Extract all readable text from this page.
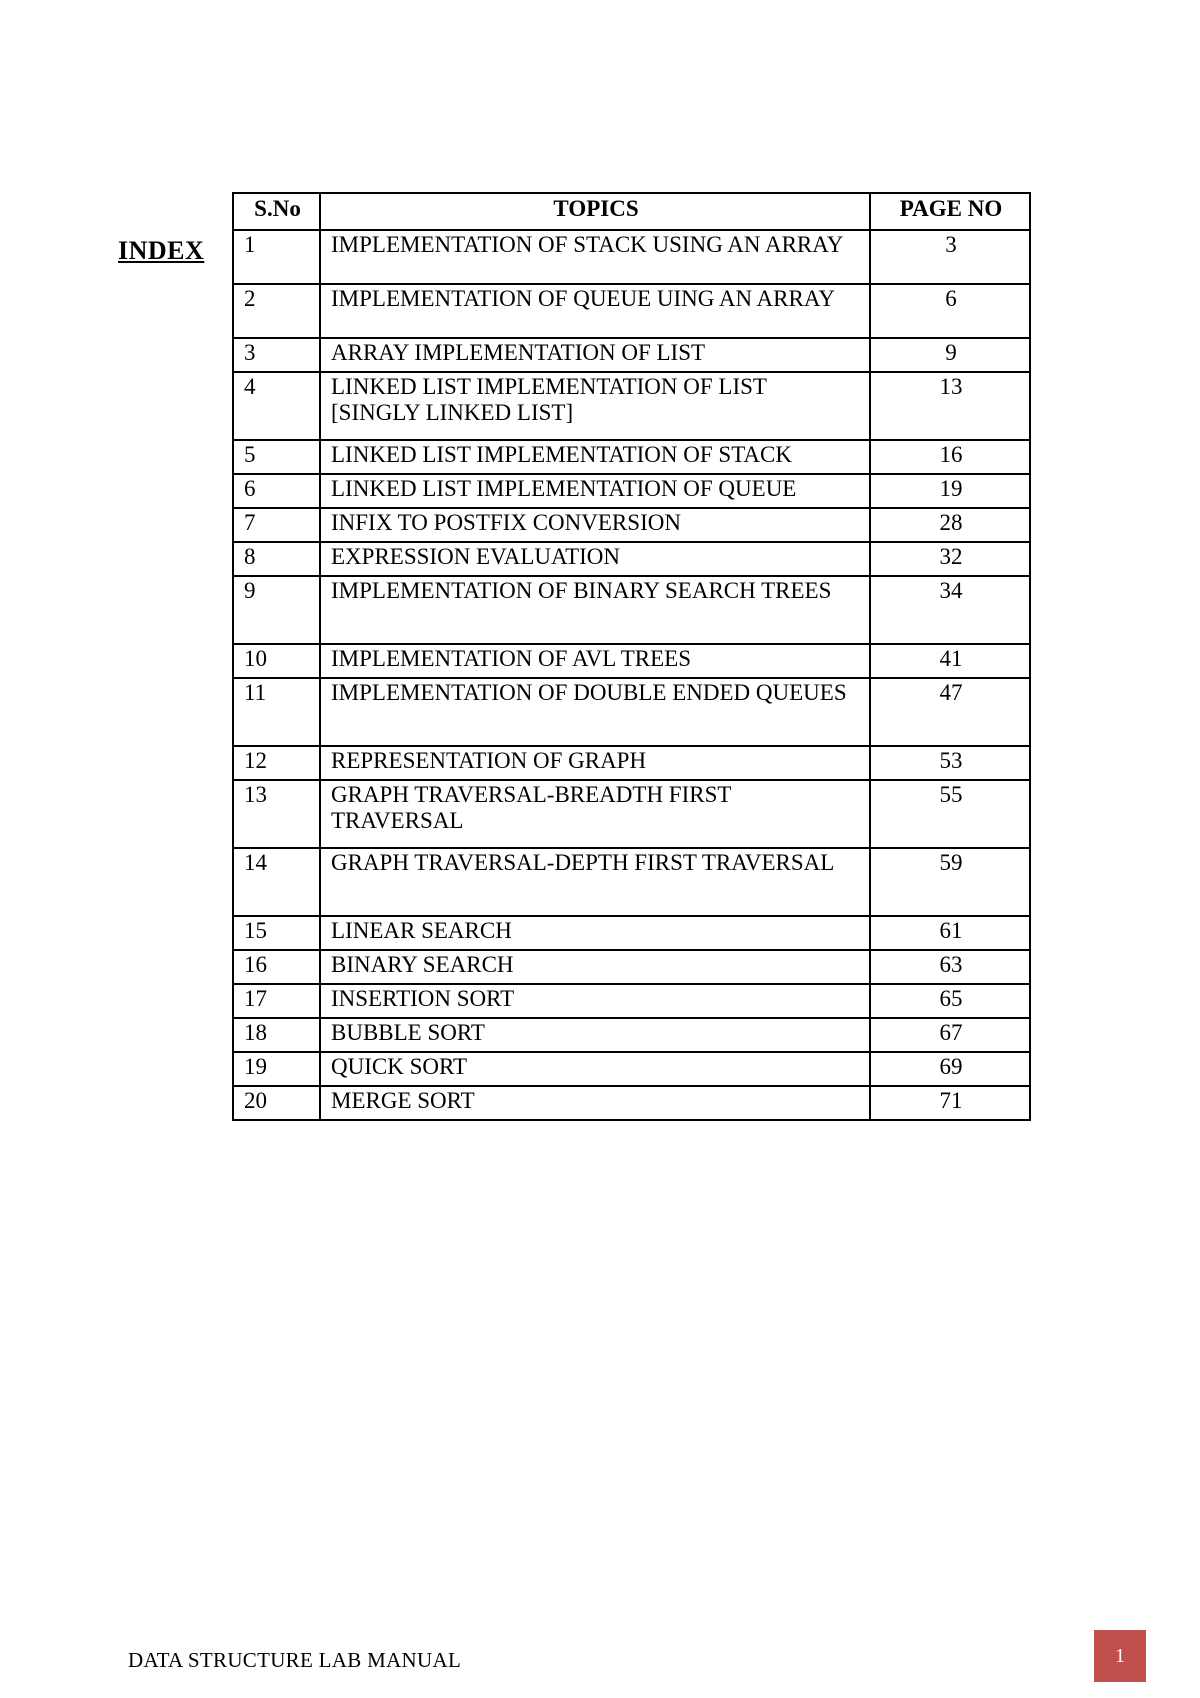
INDEX
S.No	TOPICS	PAGE NO
1	IMPLEMENTATION OF STACK USING AN ARRAY	3
2	IMPLEMENTATION OF QUEUE UING AN ARRAY	6
3	ARRAY IMPLEMENTATION OF LIST	9
4	LINKED LIST IMPLEMENTATION OF LIST [SINGLY LINKED LIST]	13
5	LINKED LIST IMPLEMENTATION OF STACK	16
6	LINKED LIST IMPLEMENTATION OF QUEUE	19
7	INFIX TO POSTFIX CONVERSION	28
8	EXPRESSION EVALUATION	32
9	IMPLEMENTATION OF BINARY SEARCH TREES	34
10	IMPLEMENTATION OF AVL TREES	41
11	IMPLEMENTATION OF DOUBLE ENDED QUEUES	47
12	REPRESENTATION OF GRAPH	53
13	GRAPH TRAVERSAL-BREADTH FIRST TRAVERSAL	55
14	GRAPH TRAVERSAL-DEPTH FIRST TRAVERSAL	59
15	LINEAR SEARCH	61
16	BINARY SEARCH	63
17	INSERTION SORT	65
18	BUBBLE SORT	67
19	QUICK SORT	69
20	MERGE SORT	71
DATA STRUCTURE LAB MANUAL	1
